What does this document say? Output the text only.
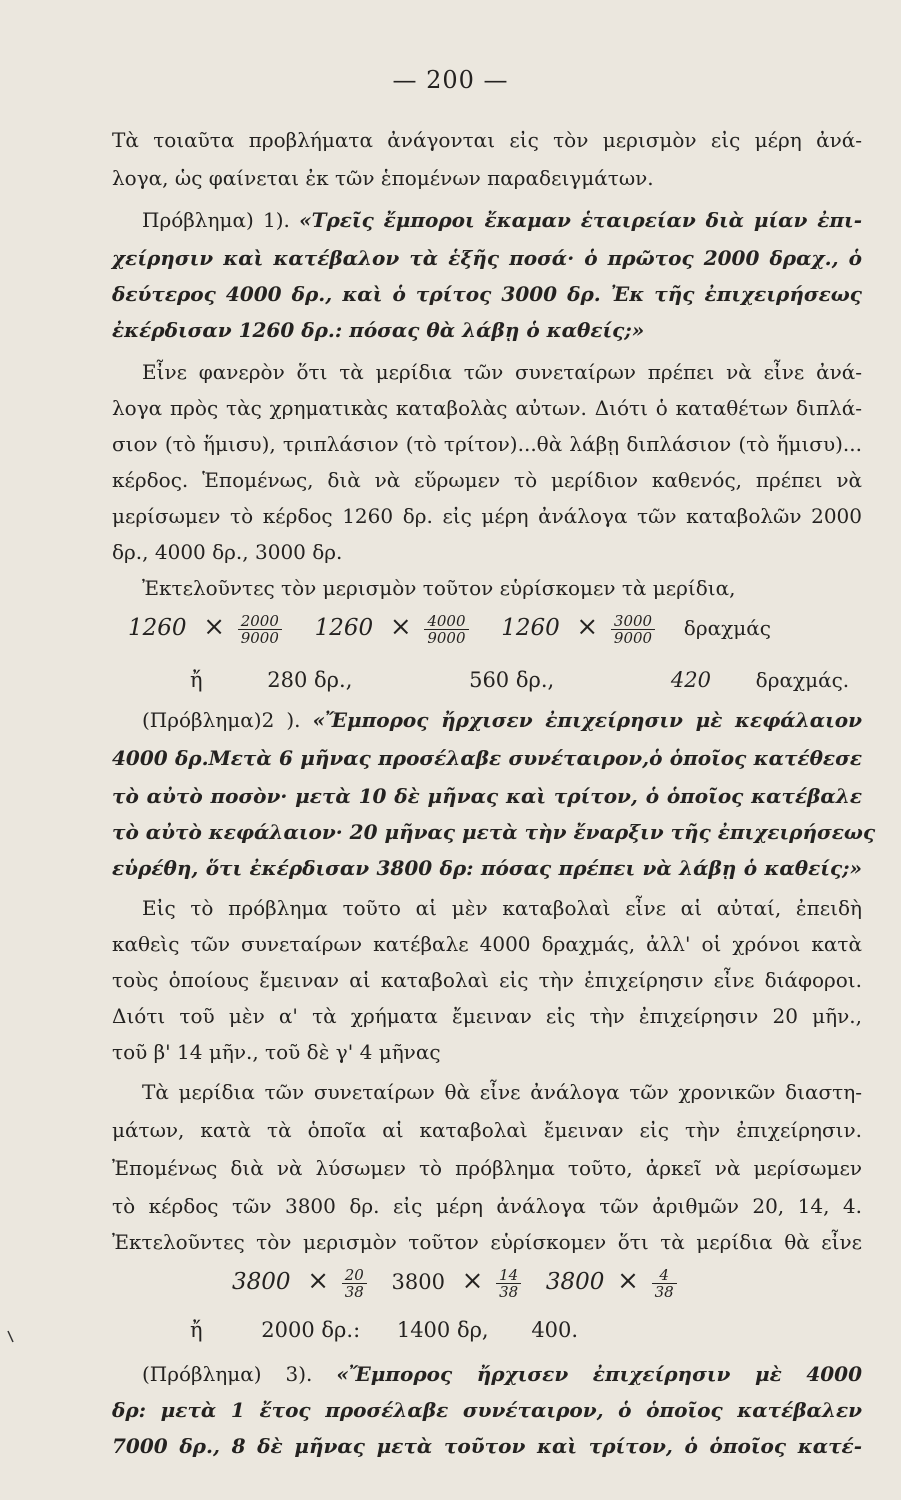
— 200 —
Τὰ τοιαῦτα προβλήματα ἀνάγονται εἰς τὸν μερισμὸν εἰς μέρη ἀνά-
λογα, ὡς φαίνεται ἐκ τῶν ἑπομένων παραδειγμάτων.
Πρόβλημα) 1). «Τρεῖς ἔμποροι ἔκαμαν ἑταιρείαν διὰ μίαν ἐπι-
χείρησιν καὶ κατέβαλον τὰ ἑξῆς ποσά· ὁ πρῶτος 2000 δραχ., ὁ
δεύτερος 4000 δρ., καὶ ὁ τρίτος 3000 δρ. Ἐκ τῆς ἐπιχειρήσεως
ἐκέρδισαν 1260 δρ.: πόσας θὰ λάβῃ ὁ καθείς;»
Εἶνε φανερὸν ὅτι τὰ μερίδια τῶν συνεταίρων πρέπει νὰ εἶνε ἀνά-
λογα πρὸς τὰς χρηματικὰς καταβολὰς αὐτων. Διότι ὁ καταθέτων διπλά-
σιον (τὸ ἥμισυ), τριπλάσιον (τὸ τρίτον)...θὰ λάβῃ διπλάσιον (τὸ ἥμισυ)...
κέρδος. Ἑπομένως, διὰ νὰ εὕρωμεν τὸ μερίδιον καθενός, πρέπει νὰ
μερίσωμεν τὸ κέρδος 1260 δρ. εἰς μέρη ἀνάλογα τῶν καταβολῶν 2000
δρ., 4000 δρ., 3000 δρ.
Ἐκτελοῦντες τὸν μερισμὸν τοῦτον εὑρίσκομεν τὰ μερίδια,
$1260 \times \frac{2000}{9000} 1260 \times \frac{4000}{9000} 1260 \times \frac{3000}{9000}$ δραχμάς
ἤ	280 δρ.,	560 δρ.,	420 δραχμάς.
(Πρόβλημα)2 ). «Ἔμπορος ἤρχισεν ἐπιχείρησιν μὲ κεφάλαιον
4000 δρ.Μετὰ 6 μῆνας προσέλαβε συνέταιρον,ὁ ὁποῖος κατέθεσε
τὸ αὐτὸ ποσὸν· μετὰ 10 δὲ μῆνας καὶ τρίτον, ὁ ὁποῖος κατέβαλε
τὸ αὐτὸ κεφάλαιον· 20 μῆνας μετὰ τὴν ἔναρξιν τῆς ἐπιχειρήσεως
εὑρέθη, ὅτι ἐκέρδισαν 3800 δρ: πόσας πρέπει νὰ λάβῃ ὁ καθείς;»
Εἰς τὸ πρόβλημα τοῦτο αἱ μὲν καταβολαὶ εἶνε αἱ αὐταί, ἐπειδὴ
καθεὶς τῶν συνεταίρων κατέβαλε 4000 δραχμάς, ἀλλ' οἱ χρόνοι κατὰ
τοὺς ὁποίους ἔμειναν αἱ καταβολαὶ εἰς τὴν ἐπιχείρησιν εἶνε διάφοροι.
Διότι τοῦ μὲν α' τὰ χρήματα ἔμειναν εἰς τὴν ἐπιχείρησιν 20 μῆν.,
τοῦ β' 14 μῆν., τοῦ δὲ γ' 4 μῆνας
Τὰ μερίδια τῶν συνεταίρων θὰ εἶνε ἀνάλογα τῶν χρονικῶν διαστη-
μάτων, κατὰ τὰ ὁποῖα αἱ καταβολαὶ ἔμειναν εἰς τὴν ἐπιχείρησιν.
Ἐπομένως διὰ νὰ λύσωμεν τὸ πρόβλημα τοῦτο, ἀρκεῖ νὰ μερίσωμεν
τὸ κέρδος τῶν 3800 δρ. εἰς μέρη ἀνάλογα τῶν ἀριθμῶν 20, 14, 4.
Ἐκτελοῦντες τὸν μερισμὸν τοῦτον εὑρίσκομεν ὅτι τὰ μερίδια θὰ εἶνε
$3800 \times \frac{20}{38} 3800 \times \frac{14}{38} 3800 \times \frac{4}{38}$
ἤ	2000 δρ.: 1400 δρ, 400.
(Πρόβλημα) 3). «Ἔμπορος ἤρχισεν ἐπιχείρησιν μὲ 4000
δρ: μετὰ 1 ἔτος προσέλαβε συνέταιρον, ὁ ὁποῖος κατέβαλεν
7000 δρ., 8 δὲ μῆνας μετὰ τοῦτον καὶ τρίτον, ὁ ὁποῖος κατέ-
